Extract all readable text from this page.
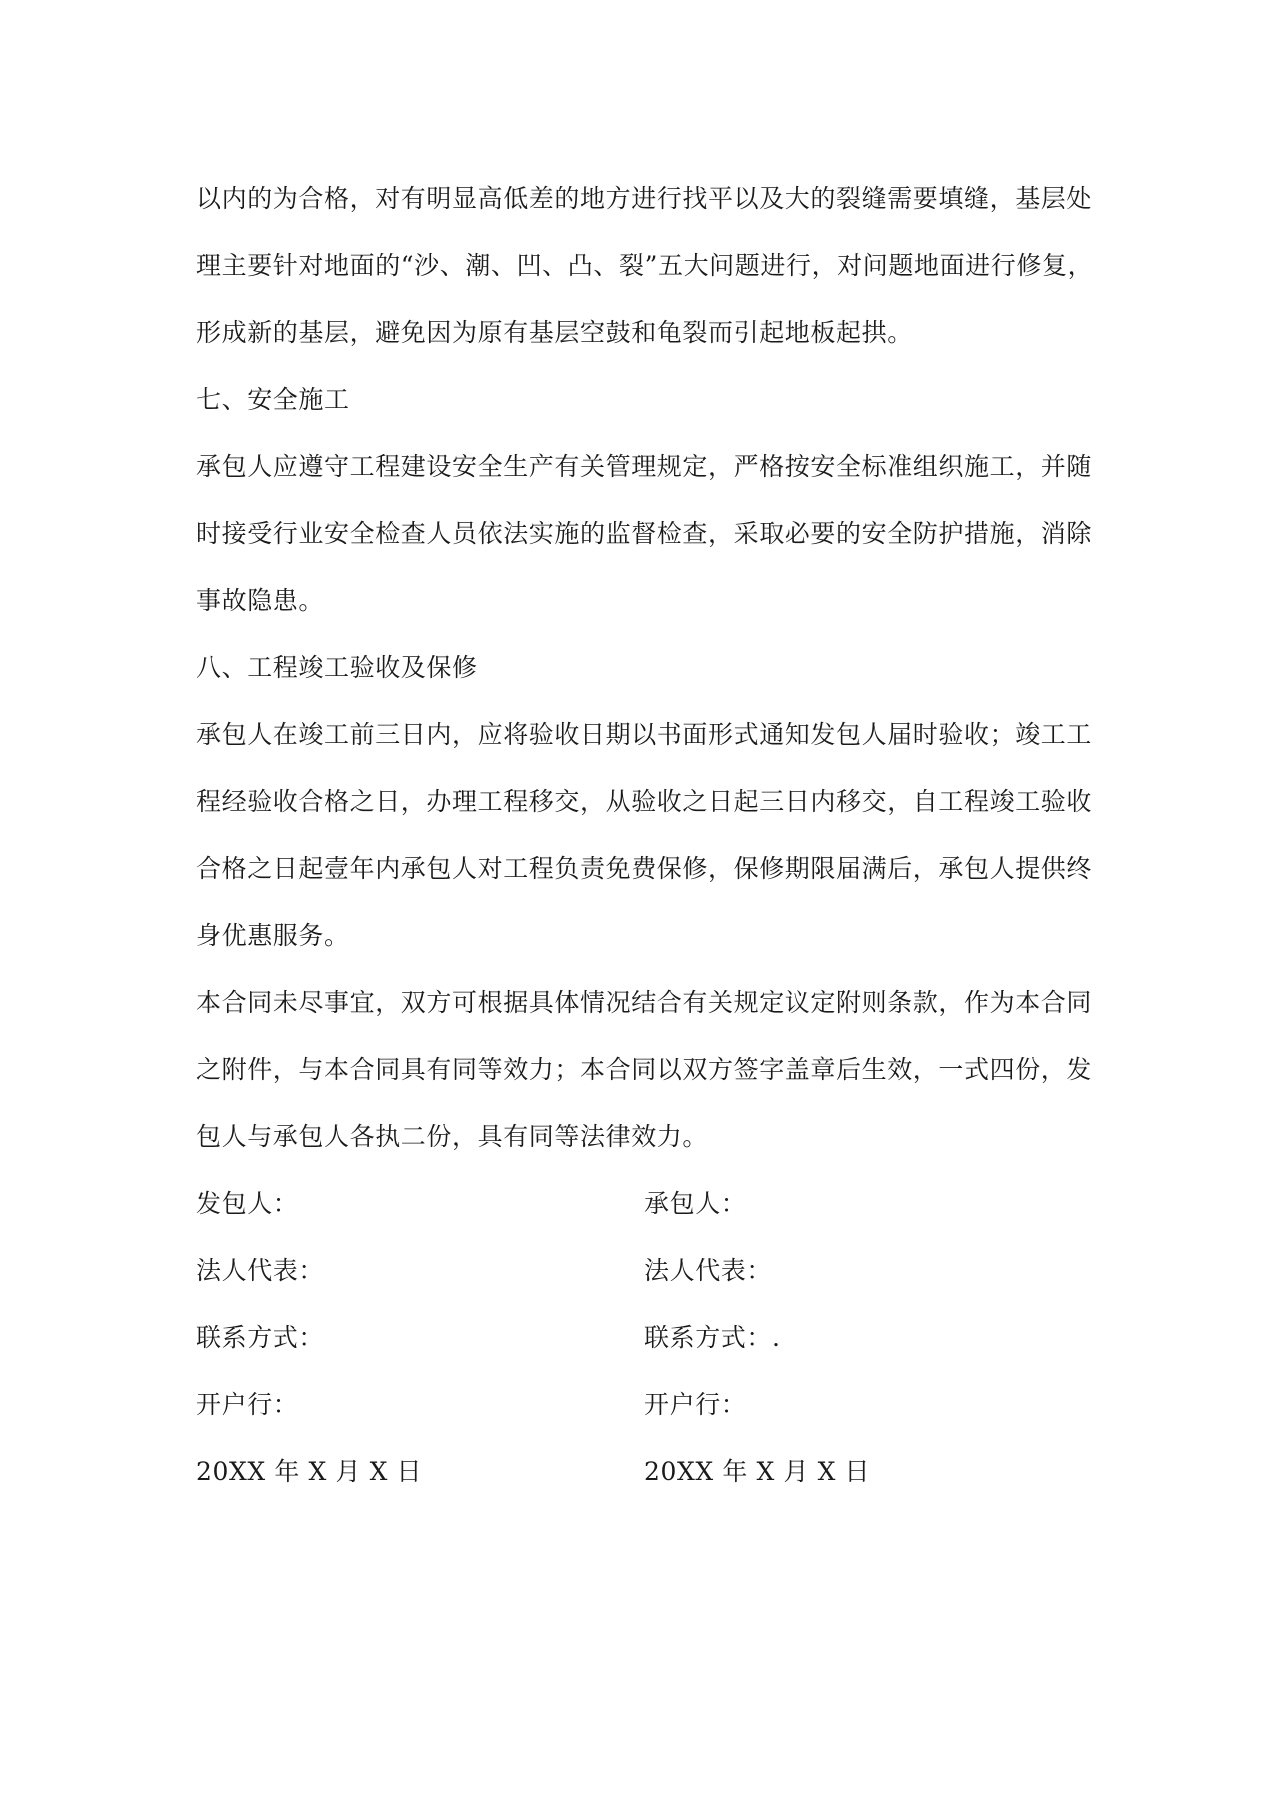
以内的为合格，对有明显高低差的地方进行找平以及大的裂缝需要填缝，基层处
理主要针对地面的“沙、潮、凹、凸、裂”五大问题进行，对问题地面进行修复，
形成新的基层，避免因为原有基层空鼓和龟裂而引起地板起拱。
七、安全施工
承包人应遵守工程建设安全生产有关管理规定，严格按安全标准组织施工，并随
时接受行业安全检查人员依法实施的监督检查，采取必要的安全防护措施，消除
事故隐患。
八、工程竣工验收及保修
承包人在竣工前三日内，应将验收日期以书面形式通知发包人届时验收；竣工工
程经验收合格之日，办理工程移交，从验收之日起三日内移交，自工程竣工验收
合格之日起壹年内承包人对工程负责免费保修，保修期限届满后，承包人提供终
身优惠服务。
本合同未尽事宜，双方可根据具体情况结合有关规定议定附则条款，作为本合同
之附件，与本合同具有同等效力；本合同以双方签字盖章后生效，一式四份，发
包人与承包人各执二份，具有同等法律效力。
发包人：	承包人：
法人代表：	法人代表：
联系方式：	联系方式：.
开户行：	开户行：
20XX 年 X 月 X 日	20XX 年 X 月 X 日
